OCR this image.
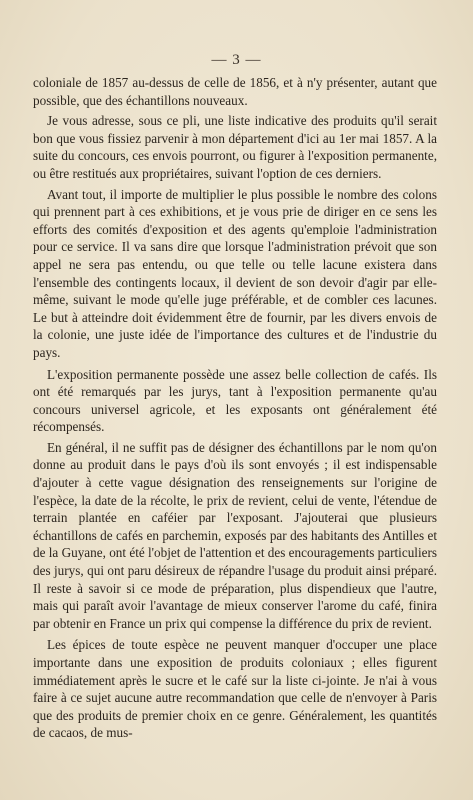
— 3 —

coloniale de 1857 au-dessus de celle de 1856, et à n'y présenter, autant que possible, que des échantillons nouveaux.

Je vous adresse, sous ce pli, une liste indicative des produits qu'il serait bon que vous fissiez parvenir à mon département d'ici au 1er mai 1857. A la suite du concours, ces envois pourront, ou figurer à l'exposition permanente, ou être restitués aux propriétaires, suivant l'option de ces derniers.

Avant tout, il importe de multiplier le plus possible le nombre des colons qui prennent part à ces exhibitions, et je vous prie de diriger en ce sens les efforts des comités d'exposition et des agents qu'emploie l'administration pour ce service. Il va sans dire que lorsque l'administration prévoit que son appel ne sera pas entendu, ou que telle ou telle lacune existera dans l'ensemble des contingents locaux, il devient de son devoir d'agir par elle-même, suivant le mode qu'elle juge préférable, et de combler ces lacunes. Le but à atteindre doit évidemment être de fournir, par les divers envois de la colonie, une juste idée de l'importance des cultures et de l'industrie du pays.

L'exposition permanente possède une assez belle collection de cafés. Ils ont été remarqués par les jurys, tant à l'exposition permanente qu'au concours universel agricole, et les exposants ont généralement été récompensés.

En général, il ne suffit pas de désigner des échantillons par le nom qu'on donne au produit dans le pays d'où ils sont envoyés ; il est indispensable d'ajouter à cette vague désignation des renseignements sur l'origine de l'espèce, la date de la récolte, le prix de revient, celui de vente, l'étendue de terrain plantée en caféier par l'exposant. J'ajouterai que plusieurs échantillons de cafés en parchemin, exposés par des habitants des Antilles et de la Guyane, ont été l'objet de l'attention et des encouragements particuliers des jurys, qui ont paru désireux de répandre l'usage du produit ainsi préparé. Il reste à savoir si ce mode de préparation, plus dispendieux que l'autre, mais qui paraît avoir l'avantage de mieux conserver l'arome du café, finira par obtenir en France un prix qui compense la différence du prix de revient.

Les épices de toute espèce ne peuvent manquer d'occuper une place importante dans une exposition de produits coloniaux ; elles figurent immédiatement après le sucre et le café sur la liste ci-jointe. Je n'ai à vous faire à ce sujet aucune autre recommandation que celle de n'envoyer à Paris que des produits de premier choix en ce genre. Généralement, les quantités de cacaos, de mus-
